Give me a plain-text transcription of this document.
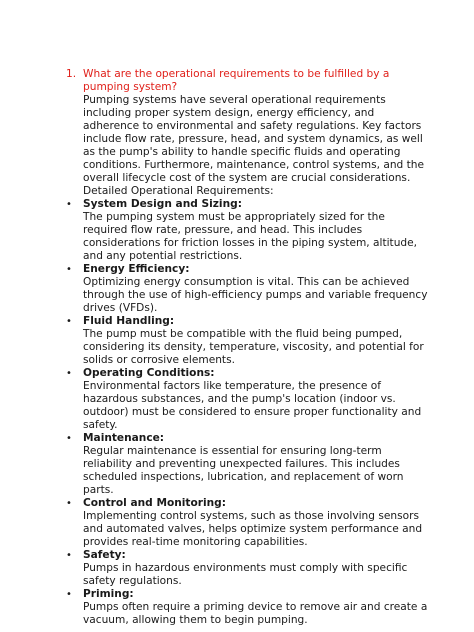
1. What are the operational requirements to be fulfilled by a pumping system?

Pumping systems have several operational requirements including proper system design, energy efficiency, and adherence to environmental and safety regulations. Key factors include flow rate, pressure, head, and system dynamics, as well as the pump's ability to handle specific fluids and operating conditions. Furthermore, maintenance, control systems, and the overall lifecycle cost of the system are crucial considerations.

Detailed Operational Requirements:

• System Design and Sizing:
The pumping system must be appropriately sized for the required flow rate, pressure, and head. This includes considerations for friction losses in the piping system, altitude, and any potential restrictions.
• Energy Efficiency:
Optimizing energy consumption is vital. This can be achieved through the use of high-efficiency pumps and variable frequency drives (VFDs).
• Fluid Handling:
The pump must be compatible with the fluid being pumped, considering its density, temperature, viscosity, and potential for solids or corrosive elements.
• Operating Conditions:
Environmental factors like temperature, the presence of hazardous substances, and the pump's location (indoor vs. outdoor) must be considered to ensure proper functionality and safety.
• Maintenance:
Regular maintenance is essential for ensuring long-term reliability and preventing unexpected failures. This includes scheduled inspections, lubrication, and replacement of worn parts.
• Control and Monitoring:
Implementing control systems, such as those involving sensors and automated valves, helps optimize system performance and provides real-time monitoring capabilities.
• Safety:
Pumps in hazardous environments must comply with specific safety regulations.
• Priming:
Pumps often require a priming device to remove air and create a vacuum, allowing them to begin pumping.
